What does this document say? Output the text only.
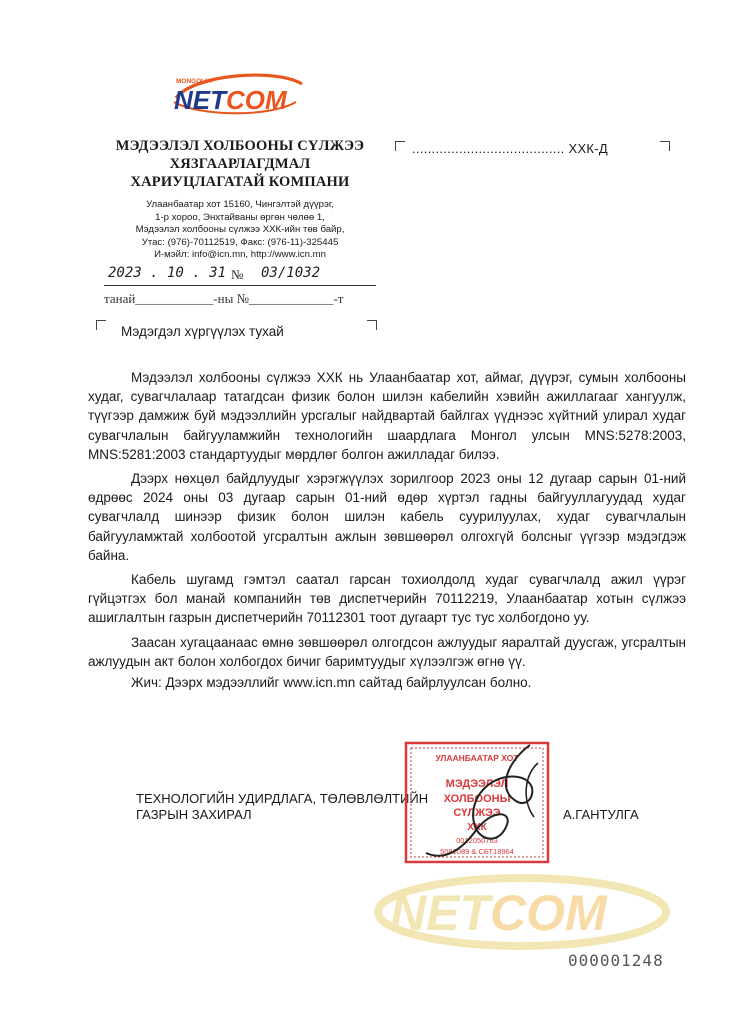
MONGOLIA
NET COM
МЭДЭЭЛЭЛ ХОЛБООНЫ СҮЛЖЭЭ
ХЯЗГААРЛАГДМАЛ
ХАРИУЦЛАГАТАЙ КОМПАНИ
Улаанбаатар хот 15160, Чингэлтэй дүүрэг,
1-р хороо, Энхтайваны өргөн чөлөө 1,
Мэдээлэл холбооны сүлжээ ХХК-ийн төв байр,
Утас: (976)-70112519, Факс: (976-11)-325445
И-мэйл: info@icn.mn, http://www.icn.mn
....................................... ХХК-Д
2023 . 10 . 31 № 03/1032
танай____________-ны №_____________-т
Мэдэгдэл хүргүүлэх тухай

Мэдээлэл холбооны сүлжээ ХХК нь Улаанбаатар хот, аймаг, дүүрэг, сумын холбооны худаг, сувагчлалаар татагдсан физик болон шилэн кабелийн хэвийн ажиллагааг хангуулж, түүгээр дамжиж буй мэдээллийн урсгалыг найдвартай байлгах үүднээс хүйтний улирал худаг сувагчлалын байгууламжийн технологийн шаардлага Монгол улсын MNS:5278:2003, MNS:5281:2003 стандартуудыг мөрдлөг болгон ажилладаг билээ.

Дээрх нөхцөл байдлуудыг хэрэгжүүлэх зорилгоор 2023 оны 12 дугаар сарын 01-ний өдрөөс 2024 оны 03 дугаар сарын 01-ний өдөр хүртэл гадны байгууллагуудад худаг сувагчлалд шинээр физик болон шилэн кабель суурилуулах, худаг сувагчлалын байгууламжтай холбоотой угсралтын ажлын зөвшөөрөл олгохгүй болсныг үүгээр мэдэгдэж байна.

Кабель шугамд гэмтэл саатал гарсан тохиолдолд худаг сувагчлалд ажил үүрэг гүйцэтгэх бол манай компанийн төв диспетчерийн 70112219, Улаанбаатар хотын сүлжээ ашиглалтын газрын диспетчерийн 70112301 тоот дугаарт тус тус холбогдоно уу.

Заасан хугацаанаас өмнө зөвшөөрөл олгогдсон ажлуудыг яаралтай дуусгаж, угсралтын ажлуудын акт болон холбогдох бичиг баримтуудыг хүлээлгэж өгнө үү.

Жич: Дээрх мэдээллийг www.icn.mn сайтад байрлуулсан болно.

ТЕХНОЛОГИЙН УДИРДЛАГА, ТӨЛӨВЛӨЛТИЙН
ГАЗРЫН ЗАХИРАЛ	А.ГАНТУЛГА
УЛААНБААТАР ХОТ
МЭДЭЭЛЭЛ
ХОЛБООНЫ
СҮЛЖЭЭ
ХХК
0012050763
5081089 & СБТ18964
NET COM
000001248
